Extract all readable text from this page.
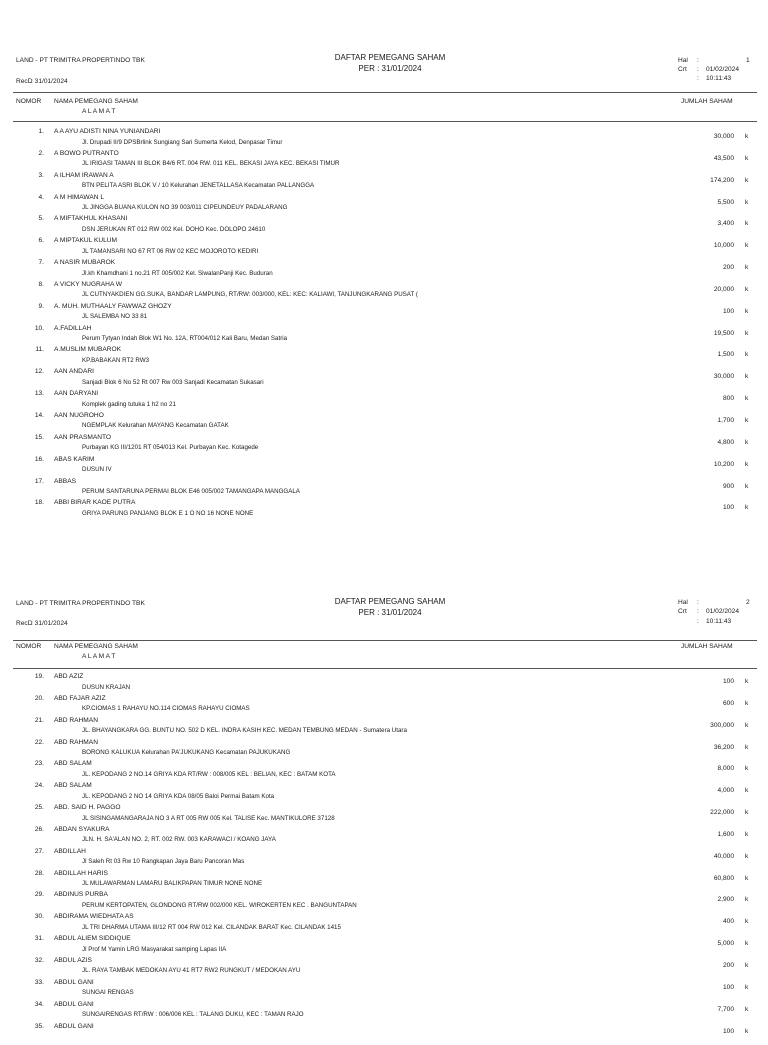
LAND - PT TRIMITRA PROPERTINDO TBK
RecD
: 31/01/2024
DAFTAR PEMEGANG SAHAM
PER : 31/01/2024
Hal :	1
Crt : 01/02/2024
: 10:11:43
NOMOR NAMA PEMEGANG SAHAM
A L A M A T
JUMLAH SAHAM
1. A A AYU ADISTI NINA YUNIANDARI
Jl. Drupadi II/9 DPSBrlink Sungiang Sari Sumerta Kelod, Denpasar Timur
30,000 k
2. A BOWO PUTRANTO
JL IRIGASI TAMAN III BLOK B4/6 RT. 004 RW. 011 KEL. BEKASI JAYA KEC. BEKASI TIMUR
43,500 k
3. A ILHAM IRAWAN A
BTN PELITA ASRI BLOK V / 10 Kelurahan JENETALLASA Kecamatan PALLANGGA
174,200 k
4. A M HIMAWAN L
JL JINGGA BUANA KULON NO 39 003/011 CIPEUNDEUY PADALARANG
5,500 k
5. A MIFTAKHUL KHASANI
DSN JERUKAN RT 012 RW 002 Kel. DOHO Kec. DOLOPO 24610
3,400 k
6. A MIPTAKUL KULUM
JL TAMANSARI NO 67 RT 06 RW 02 KEC MOJOROTO KEDIRI
10,000 k
7. A NASIR MUBAROK
Jl.kh Khamdhani 1 no.21 RT 005/002 Kel. SiwalanPanji Kec. Buduran
200 k
8. A VICKY NUGRAHA W
JL CUTNYAKDIEN GG.SUKA, BANDAR LAMPUNG, RT/RW: 003/000, KEL: KEC: KALIAWI, TANJUNGKARANG PUSAT (
20,000 k
9. A. MUH. MUTHAALY FAWWAZ GHOZY
JL SALEMBA NO 33 81
100 k
10. A.FADILLAH
Perum Tytyan Indah Blok W1 No. 12A, RT004/012 Kali Baru, Medan Satria
19,500 k
11. A.MUSLIM MUBAROK
KP.BABAKAN RT2 RW3
1,500 k
12. AAN ANDARI
Sanjadi Blok 6 No 52 Rt 007 Rw 003 Sanjadi Kecamatan Sukasari
30,000 k
13. AAN DARYANI
Komplek gading tutuka 1 h2 no 21
800 k
14. AAN NUGROHO
NGEMPLAK Kelurahan MAYANG Kecamatan GATAK
1,700 k
15. AAN PRASMANTO
Purbayan KG III/1201 RT 054/013 Kel. Purbayan Kec. Kotagede
4,800 k
16. ABAS KARIM
DUSUN IV
10,200 k
17. ABBAS
PERUM SANTARUNA PERMAI BLOK E46 005/002 TAMANGAPA MANGGALA
900 k
18. ABBI BIRAR KAOE PUTRA
GRIYA PARUNG PANJANG BLOK E 1 O NO 16 NONE NONE
100 k
LAND - PT TRIMITRA PROPERTINDO TBK
RecD
: 31/01/2024
DAFTAR PEMEGANG SAHAM
PER : 31/01/2024
Hal :	2
Crt : 01/02/2024
: 10:11:43
NOMOR NAMA PEMEGANG SAHAM
A L A M A T
JUMLAH SAHAM
19. ABD AZIZ
DUSUN KRAJAN
100 k
20. ABD FAJAR AZIZ
KP.CIOMAS 1 RAHAYU NO.114 CIOMAS RAHAYU CIOMAS
600 k
21. ABD RAHMAN
JL. BHAYANGKARA GG. BUNTU NO. 502 D KEL. INDRA KASIH KEC. MEDAN TEMBUNG MEDAN - Sumatera Utara
300,000 k
22. ABD RAHMAN
BORONG KALUKUA Kelurahan PA'JUKUKANG Kecamatan PAJUKUKANG
36,200 k
23. ABD SALAM
JL. KEPODANG 2 NO.14 GRIYA KDA RT/RW : 008/005 KEL : BELIAN, KEC : BATAM KOTA
8,000 k
24. ABD SALAM
JL. KEPODANG 2 NO 14 GRIYA KDA 08/05 Baloi Permai Batam Kota
4,000 k
25. ABD. SAID H. PAGGO
JL SISINGAMANGARAJA NO 3 A RT 005 RW 005 Kel. TALISE Kec. MANTIKULORE 37128
222,000 k
26. ABDAN SYAKURA
JLN. H. SA'ALAN NO. 2, RT. 002 RW. 003 KARAWACI / KOANG JAYA
1,600 k
27. ABDILLAH
Jl Saleh Rt 03 Rw 10 Rangkapan Jaya Baru Pancoran Mas
40,000 k
28. ABDILLAH HARIS
JL MULAWARMAN LAMARU BALIKPAPAN TIMUR NONE NONE
60,800 k
29. ABDINUS PURBA
PERUM KERTOPATEN, GLONDONG RT/RW 002/000 KEL. WIROKERTEN KEC . BANGUNTAPAN
2,900 k
30. ABDIRAMA WIEDHATA AS
JL TRI DHARMA UTAMA III/12 RT 004 RW 012 Kel. CILANDAK BARAT Kec. CILANDAK 1415
400 k
31. ABDUL ALIEM SIDDIQUE
Jl Prof M Yamin LRG Masyarakat samping Lapas IIA
5,000 k
32. ABDUL AZIS
JL. RAYA TAMBAK MEDOKAN AYU 41 RT7 RW2 RUNGKUT / MEDOKAN AYU
200 k
33. ABDUL GANI
SUNGAI RENGAS
100 k
34. ABDUL GANI
SUNGAIRENGAS RT/RW : 006/006 KEL : TALANG DUKU, KEC : TAMAN RAJO
7,700 k
35. ABDUL GANI
100 k
